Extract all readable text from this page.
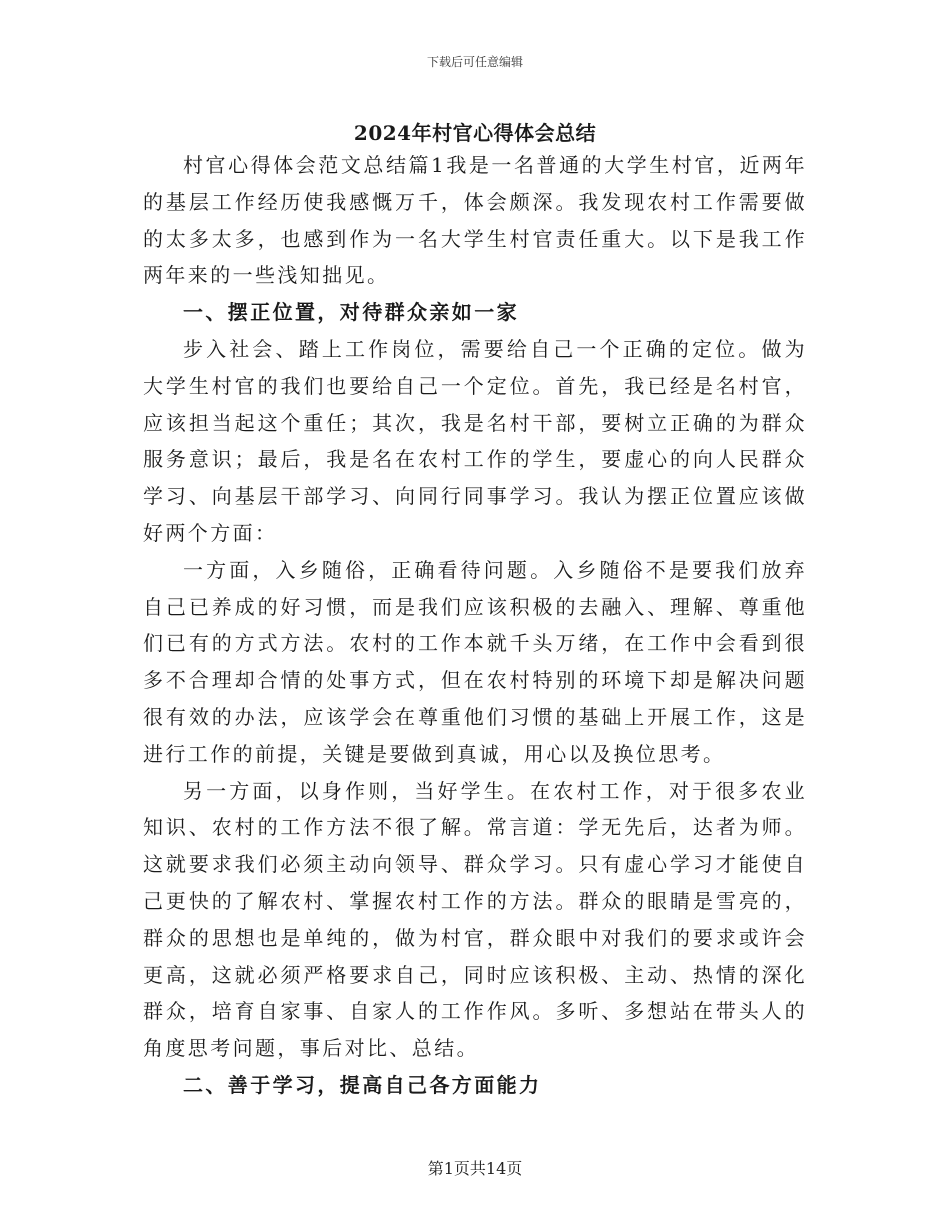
下载后可任意编辑
2024年村官心得体会总结

村官心得体会范文总结篇1我是一名普通的大学生村官，近两年的基层工作经历使我感慨万千，体会颇深。我发现农村工作需要做的太多太多，也感到作为一名大学生村官责任重大。以下是我工作两年来的一些浅知拙见。

一、摆正位置，对待群众亲如一家

步入社会、踏上工作岗位，需要给自己一个正确的定位。做为大学生村官的我们也要给自己一个定位。首先，我已经是名村官，应该担当起这个重任；其次，我是名村干部，要树立正确的为群众服务意识；最后，我是名在农村工作的学生，要虚心的向人民群众学习、向基层干部学习、向同行同事学习。我认为摆正位置应该做好两个方面：

一方面，入乡随俗，正确看待问题。入乡随俗不是要我们放弃自己已养成的好习惯，而是我们应该积极的去融入、理解、尊重他们已有的方式方法。农村的工作本就千头万绪，在工作中会看到很多不合理却合情的处事方式，但在农村特别的环境下却是解决问题很有效的办法，应该学会在尊重他们习惯的基础上开展工作，这是进行工作的前提，关键是要做到真诚，用心以及换位思考。

另一方面，以身作则，当好学生。在农村工作，对于很多农业知识、农村的工作方法不很了解。常言道：学无先后，达者为师。这就要求我们必须主动向领导、群众学习。只有虚心学习才能使自己更快的了解农村、掌握农村工作的方法。群众的眼睛是雪亮的，群众的思想也是单纯的，做为村官，群众眼中对我们的要求或许会更高，这就必须严格要求自己，同时应该积极、主动、热情的深化群众，培育自家事、自家人的工作作风。多听、多想站在带头人的角度思考问题，事后对比、总结。

二、善于学习，提高自己各方面能力

第1页共14页
